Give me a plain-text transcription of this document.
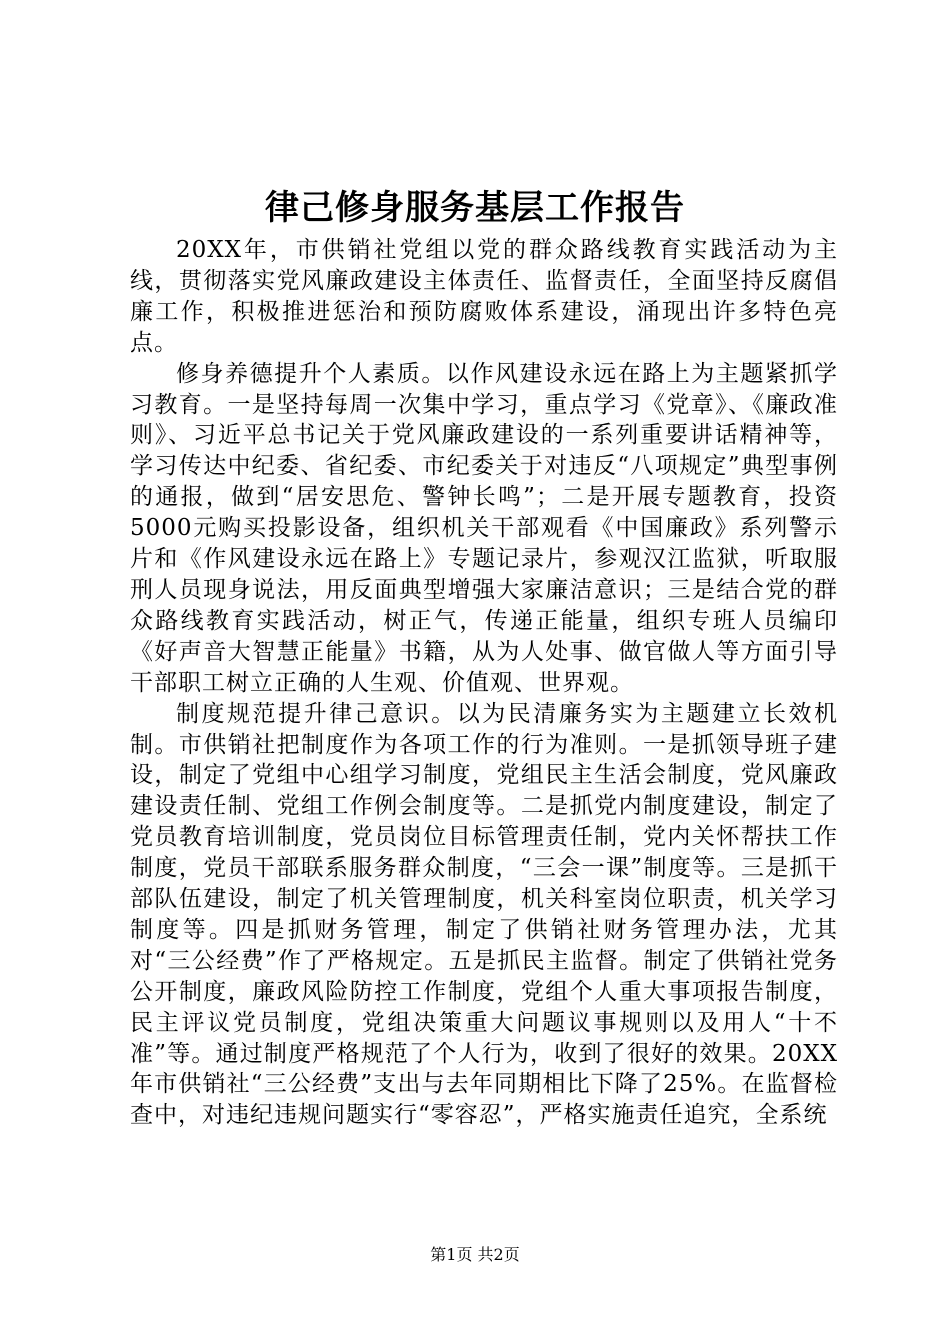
律己修身服务基层工作报告

20XX年，市供销社党组以党的群众路线教育实践活动为主线，贯彻落实党风廉政建设主体责任、监督责任，全面坚持反腐倡廉工作，积极推进惩治和预防腐败体系建设，涌现出许多特色亮点。

修身养德提升个人素质。以作风建设永远在路上为主题紧抓学习教育。一是坚持每周一次集中学习，重点学习《党章》、《廉政准则》、习近平总书记关于党风廉政建设的一系列重要讲话精神等，学习传达中纪委、省纪委、市纪委关于对违反“八项规定”典型事例的通报，做到“居安思危、警钟长鸣”；二是开展专题教育，投资5000元购买投影设备，组织机关干部观看《中国廉政》系列警示片和《作风建设永远在路上》专题记录片，参观汉江监狱，听取服刑人员现身说法，用反面典型增强大家廉洁意识；三是结合党的群众路线教育实践活动，树正气，传递正能量，组织专班人员编印《好声音大智慧正能量》书籍，从为人处事、做官做人等方面引导干部职工树立正确的人生观、价值观、世界观。

制度规范提升律己意识。以为民清廉务实为主题建立长效机制。市供销社把制度作为各项工作的行为准则。一是抓领导班子建设，制定了党组中心组学习制度，党组民主生活会制度，党风廉政建设责任制、党组工作例会制度等。二是抓党内制度建设，制定了党员教育培训制度，党员岗位目标管理责任制，党内关怀帮扶工作制度，党员干部联系服务群众制度，“三会一课”制度等。三是抓干部队伍建设，制定了机关管理制度，机关科室岗位职责，机关学习制度等。四是抓财务管理，制定了供销社财务管理办法，尤其对“三公经费”作了严格规定。五是抓民主监督。制定了供销社党务公开制度，廉政风险防控工作制度，党组个人重大事项报告制度，民主评议党员制度，党组决策重大问题议事规则以及用人“十不准”等。通过制度严格规范了个人行为，收到了很好的效果。20XX年市供销社“三公经费”支出与去年同期相比下降了25%。在监督检查中，对违纪违规问题实行“零容忍”，严格实施责任追究，全系统

第1页 共2页
